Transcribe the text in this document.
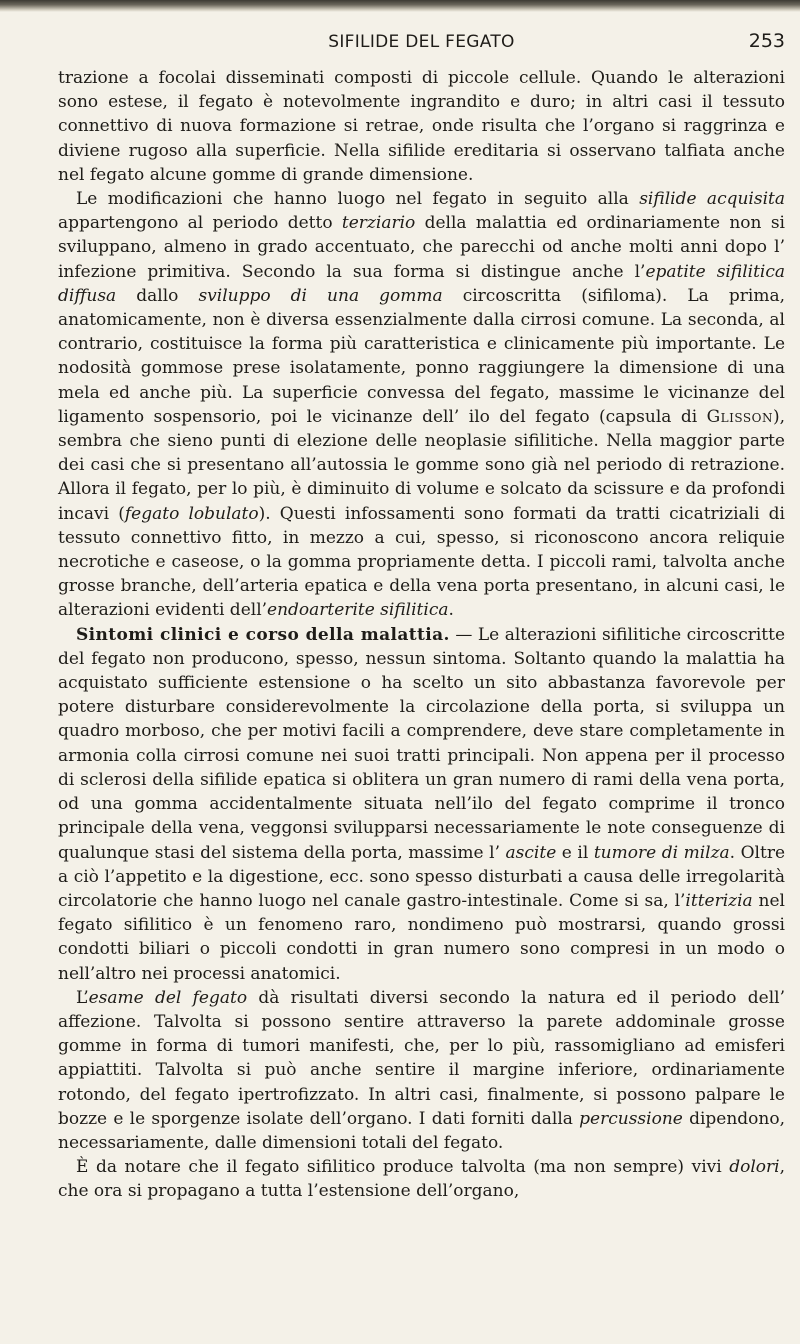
SIFILIDE DEL FEGATO	253

trazione a focolai disseminati composti di piccole cellule. Quando le alterazioni sono estese, il fegato è notevolmente ingrandito e duro; in altri casi il tessuto connettivo di nuova formazione si retrae, onde risulta che l’organo si raggrinza e diviene rugoso alla superficie. Nella sifilide ereditaria si osservano talfiata anche nel fegato alcune gomme di grande dimensione.

Le modificazioni che hanno luogo nel fegato in seguito alla sifilide acquisita appartengono al periodo detto terziario della malattia ed ordinariamente non si sviluppano, almeno in grado accentuato, che parecchi od anche molti anni dopo l’ infezione primitiva. Secondo la sua forma si distingue anche l’epatite sifilitica diffusa dallo sviluppo di una gomma circoscritta (sifiloma). La prima, anatomicamente, non è diversa essenzialmente dalla cirrosi comune. La seconda, al contrario, costituisce la forma più caratteristica e clinicamente più importante. Le nodosità gommose prese isolatamente, ponno raggiungere la dimensione di una mela ed anche più. La superficie convessa del fegato, massime le vicinanze del ligamento sospensorio, poi le vicinanze dell’ ilo del fegato (capsula di Glisson), sembra che sieno punti di elezione delle neoplasie sifilitiche. Nella maggior parte dei casi che si presentano all’autossia le gomme sono già nel periodo di retrazione. Allora il fegato, per lo più, è diminuito di volume e solcato da scissure e da profondi incavi (fegato lobulato). Questi infossamenti sono formati da tratti cicatriziali di tessuto connettivo fitto, in mezzo a cui, spesso, si riconoscono ancora reliquie necrotiche e caseose, o la gomma propriamente detta. I piccoli rami, talvolta anche grosse branche, dell’arteria epatica e della vena porta presentano, in alcuni casi, le alterazioni evidenti dell’endoarterite sifilitica.

Sintomi clinici e corso della malattia. — Le alterazioni sifilitiche circoscritte del fegato non producono, spesso, nessun sintoma. Soltanto quando la malattia ha acquistato sufficiente estensione o ha scelto un sito abbastanza favorevole per potere disturbare considerevolmente la circolazione della porta, si sviluppa un quadro morboso, che per motivi facili a comprendere, deve stare completamente in armonia colla cirrosi comune nei suoi tratti principali. Non appena per il processo di sclerosi della sifilide epatica si oblitera un gran numero di rami della vena porta, od una gomma accidentalmente situata nell’ilo del fegato comprime il tronco principale della vena, veggonsi svilupparsi necessariamente le note conseguenze di qualunque stasi del sistema della porta, massime l’ ascite e il tumore di milza. Oltre a ciò l’appetito e la digestione, ecc. sono spesso disturbati a causa delle irregolarità circolatorie che hanno luogo nel canale gastro-intestinale. Come si sa, l’itterizia nel fegato sifilitico è un fenomeno raro, nondimeno può mostrarsi, quando grossi condotti biliari o piccoli condotti in gran numero sono compresi in un modo o nell’altro nei processi anatomici.

L’esame del fegato dà risultati diversi secondo la natura ed il periodo dell’ affezione. Talvolta si possono sentire attraverso la parete addominale grosse gomme in forma di tumori manifesti, che, per lo più, rassomigliano ad emisferi appiattiti. Talvolta si può anche sentire il margine inferiore, ordinariamente rotondo, del fegato ipertrofizzato. In altri casi, finalmente, si possono palpare le bozze e le sporgenze isolate dell’organo. I dati forniti dalla percussione dipendono, necessariamente, dalle dimensioni totali del fegato.

È da notare che il fegato sifilitico produce talvolta (ma non sempre) vivi dolori, che ora si propagano a tutta l’estensione dell’organo,
